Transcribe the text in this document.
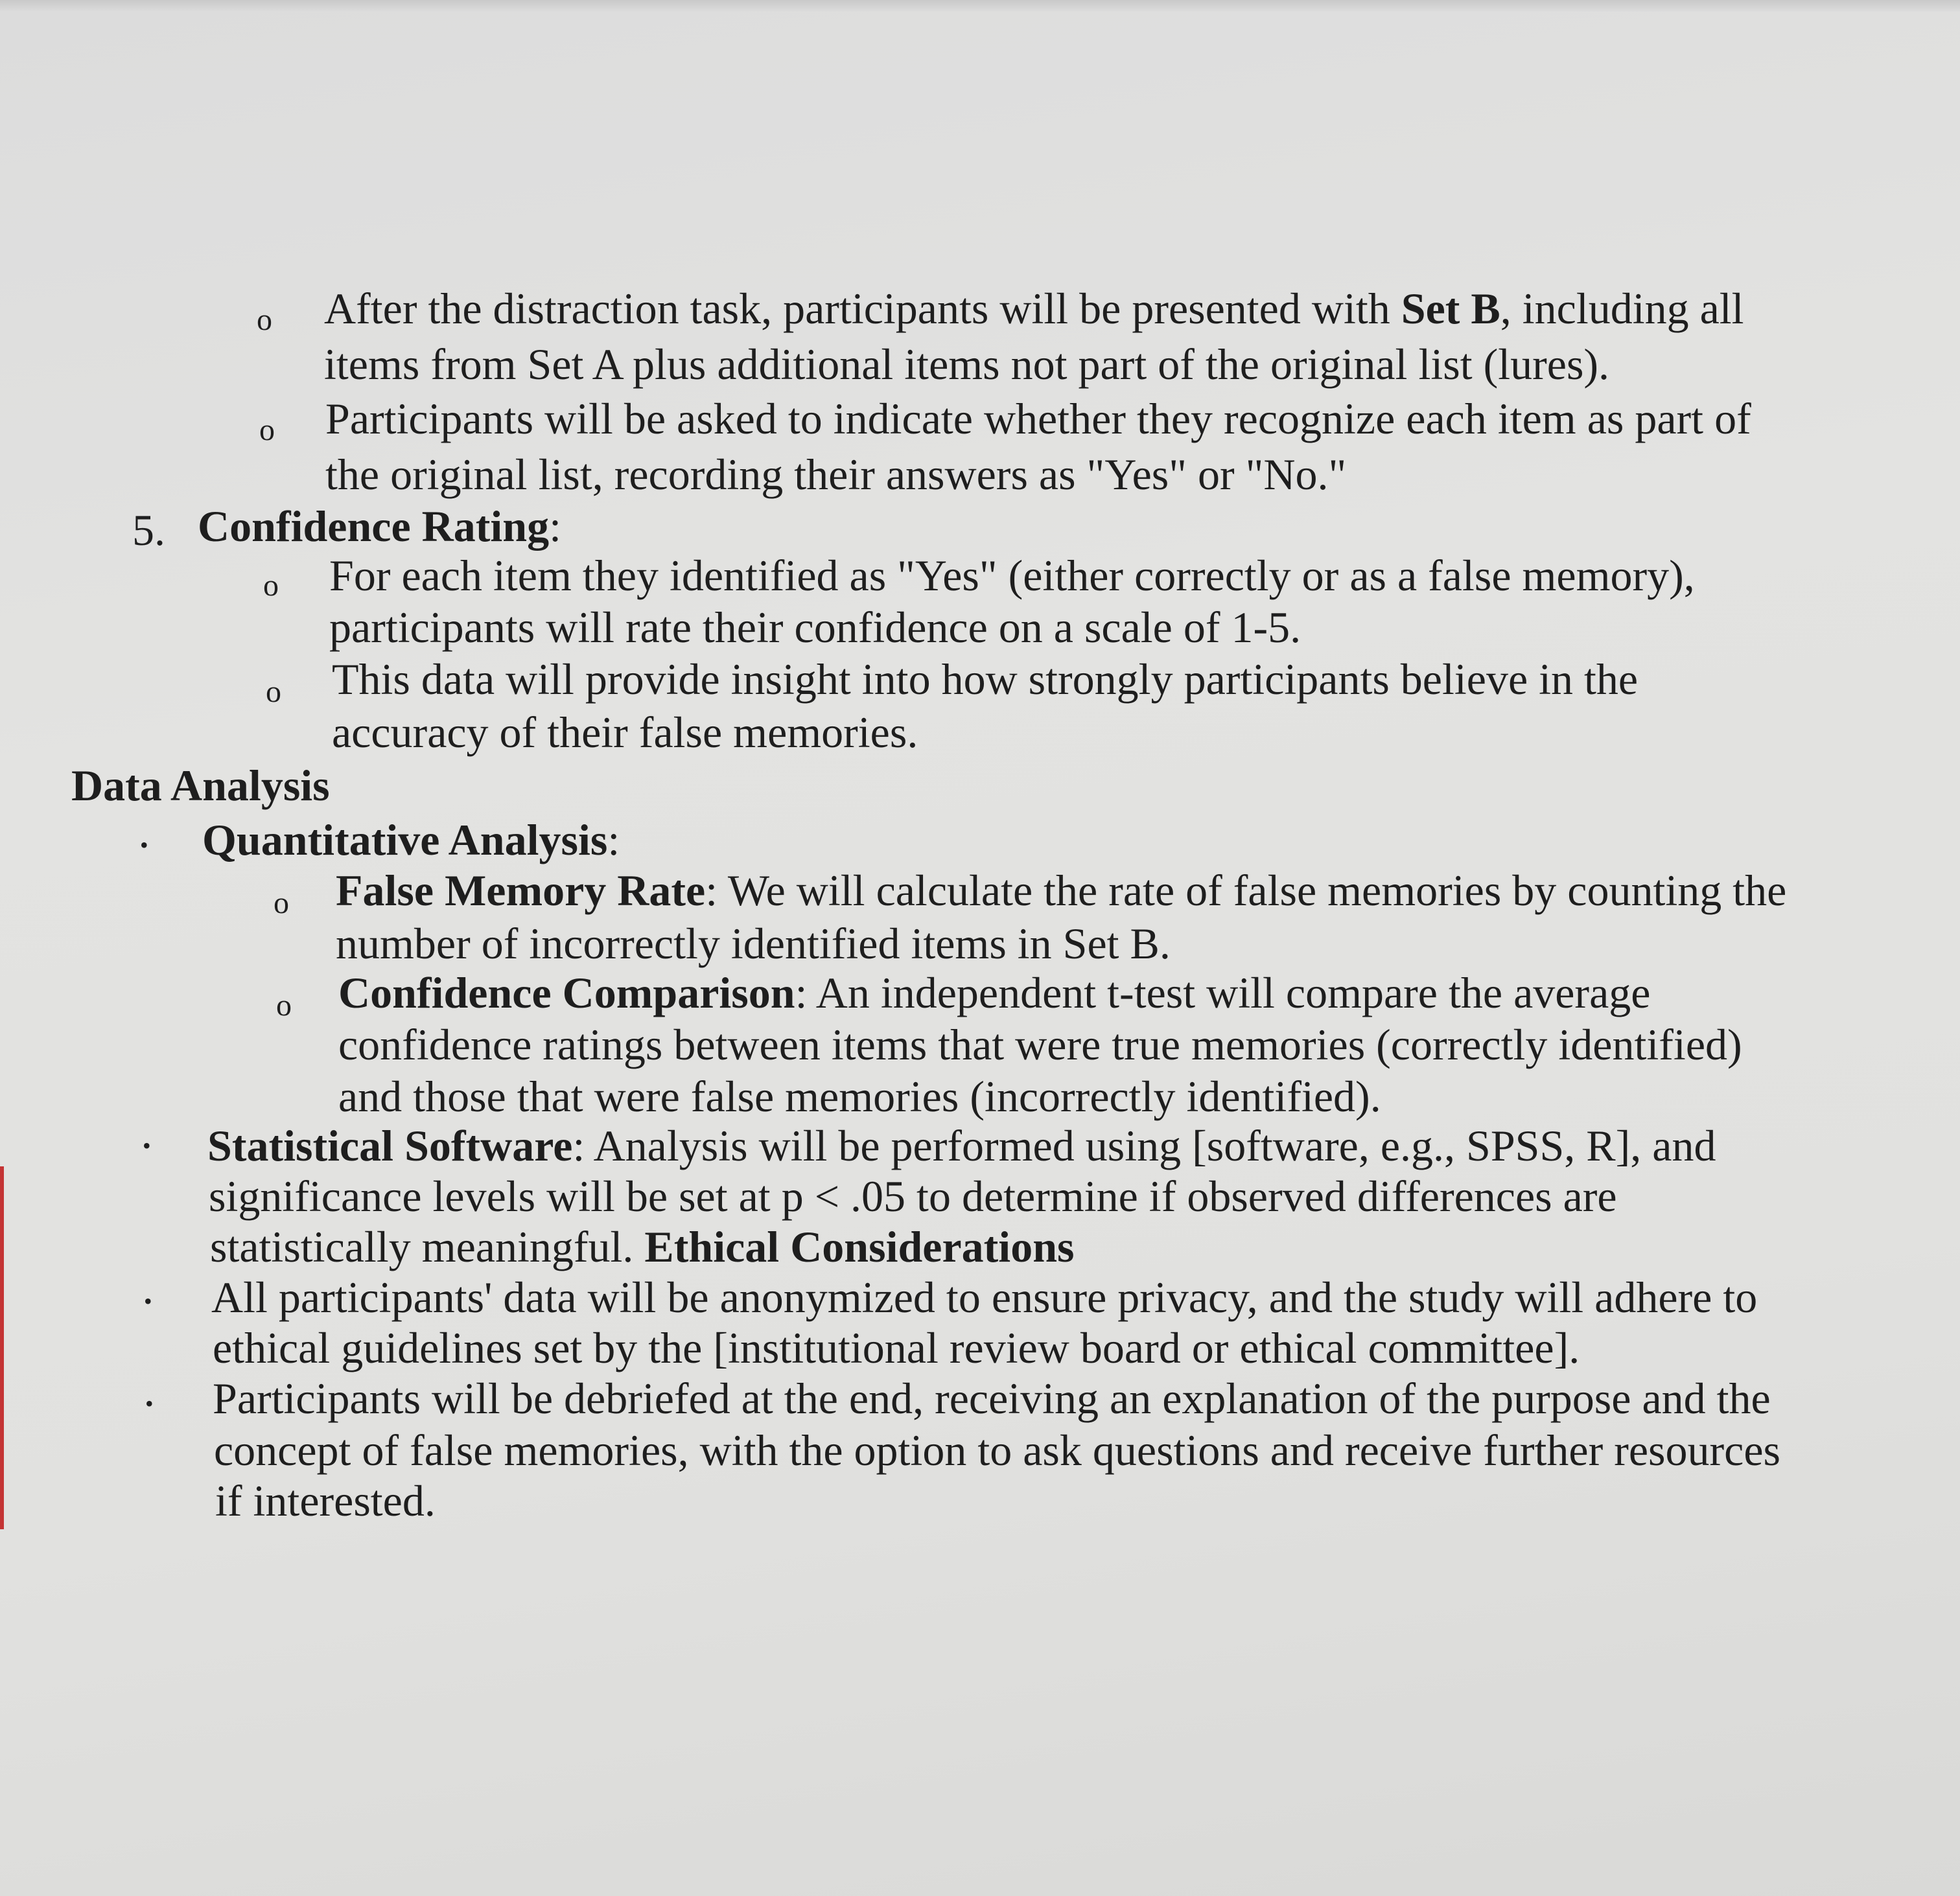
o After the distraction task, participants will be presented with Set B, including all

items from Set A plus additional items not part of the original list (lures).

o Participants will be asked to indicate whether they recognize each item as part of

the original list, recording their answers as "Yes" or "No."

5. Confidence Rating:

o For each item they identified as "Yes" (either correctly or as a false memory),

participants will rate their confidence on a scale of 1-5.

o This data will provide insight into how strongly participants believe in the

accuracy of their false memories.

Data Analysis

• Quantitative Analysis:

o False Memory Rate: We will calculate the rate of false memories by counting the

number of incorrectly identified items in Set B.

o Confidence Comparison: An independent t-test will compare the average

confidence ratings between items that were true memories (correctly identified)

and those that were false memories (incorrectly identified).

• Statistical Software: Analysis will be performed using [software, e.g., SPSS, R], and

significance levels will be set at p < .05 to determine if observed differences are

statistically meaningful. Ethical Considerations

• All participants' data will be anonymized to ensure privacy, and the study will adhere to

ethical guidelines set by the [institutional review board or ethical committee].

• Participants will be debriefed at the end, receiving an explanation of the purpose and the

concept of false memories, with the option to ask questions and receive further resources

if interested.
